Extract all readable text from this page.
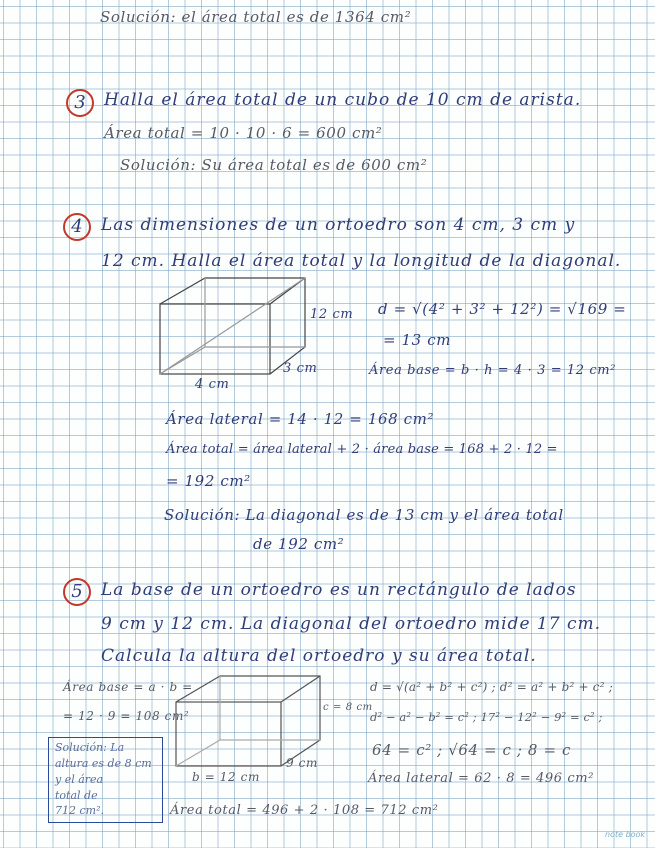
Solución: el área total es de 1364 cm²
3	Halla el área total de un cubo de 10 cm de arista.
Área total = 10 · 10 · 6 = 600 cm²
Solución: Su área total es de 600 cm²
4	Las dimensiones de un ortoedro son 4 cm, 3 cm y
12 cm. Halla el área total y la longitud de la diagonal.
12 cm
3 cm
4 cm
d = √(4² + 3² + 12²) = √169 =
= 13 cm
Área base = b · h = 4 · 3 = 12 cm²
Área lateral = 14 · 12 = 168 cm²
Área total = área lateral + 2 · área base = 168 + 2 · 12 =
= 192 cm²
Solución: La diagonal es de 13 cm y el área total
de 192 cm²
5	La base de un ortoedro es un rectángulo de lados
9 cm y 12 cm. La diagonal del ortoedro mide 17 cm.
Calcula la altura del ortoedro y su área total.
Área base = a · b =
= 12 · 9 = 108 cm²
c = 8 cm
9 cm
b = 12 cm
d = √(a² + b² + c²) ; d² = a² + b² + c² ;
d² − a² − b² = c² ; 17² − 12² − 9² = c² ;
64 = c² ; √64 = c ; 8 = c
Área lateral = 62 · 8 = 496 cm²
Área total = 496 + 2 · 108 = 712 cm²
Solución: La
altura es de 8 cm
y el área
total de
712 cm².
note book
